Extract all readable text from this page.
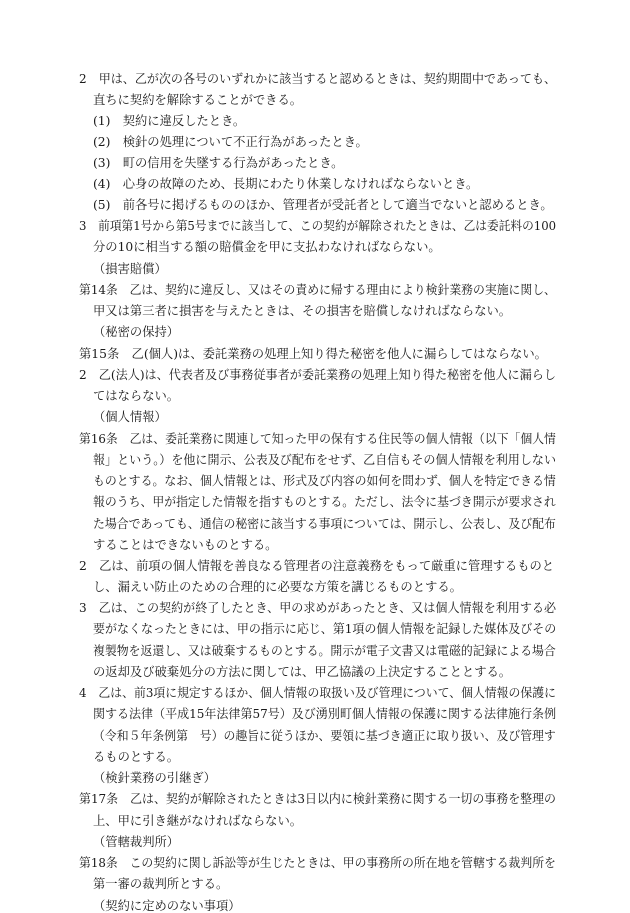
2　甲は、乙が次の各号のいずれかに該当すると認めるときは、契約期間中であっても、
直ちに契約を解除することができる。
(1)　契約に違反したとき。
(2)　検針の処理について不正行為があったとき。
(3)　町の信用を失墜する行為があったとき。
(4)　心身の故障のため、長期にわたり休業しなければならないとき。
(5)　前各号に掲げるもののほか、管理者が受託者として適当でないと認めるとき。
3　前項第1号から第5号までに該当して、この契約が解除されたときは、乙は委託料の100
分の10に相当する額の賠償金を甲に支払わなければならない。
（損害賠償）
第14条　乙は、契約に違反し、又はその責めに帰する理由により検針業務の実施に関し、
甲又は第三者に損害を与えたときは、その損害を賠償しなければならない。
（秘密の保持）
第15条　乙(個人)は、委託業務の処理上知り得た秘密を他人に漏らしてはならない。
2　乙(法人)は、代表者及び事務従事者が委託業務の処理上知り得た秘密を他人に漏らし
てはならない。
（個人情報）
第16条　乙は、委託業務に関連して知った甲の保有する住民等の個人情報（以下「個人情
報」という。）を他に開示、公表及び配布をせず、乙自信もその個人情報を利用しない
ものとする。なお、個人情報とは、形式及び内容の如何を問わず、個人を特定できる情
報のうち、甲が指定した情報を指すものとする。ただし、法令に基づき開示が要求され
た場合であっても、通信の秘密に該当する事項については、開示し、公表し、及び配布
することはできないものとする。
2　乙は、前項の個人情報を善良なる管理者の注意義務をもって厳重に管理するものと
し、漏えい防止のための合理的に必要な方策を講じるものとする。
3　乙は、この契約が終了したとき、甲の求めがあったとき、又は個人情報を利用する必
要がなくなったときには、甲の指示に応じ、第1項の個人情報を記録した媒体及びその
複製物を返還し、又は破棄するものとする。開示が電子文書又は電磁的記録による場合
の返却及び破棄処分の方法に関しては、甲乙協議の上決定することとする。
4　乙は、前3項に規定するほか、個人情報の取扱い及び管理について、個人情報の保護に
関する法律（平成15年法律第57号）及び湧別町個人情報の保護に関する法律施行条例
（令和５年条例第　号）の趣旨に従うほか、要領に基づき適正に取り扱い、及び管理す
るものとする。
（検針業務の引継ぎ）
第17条　乙は、契約が解除されたときは3日以内に検針業務に関する一切の事務を整理の
上、甲に引き継がなければならない。
（管轄裁判所）
第18条　この契約に関し訴訟等が生じたときは、甲の事務所の所在地を管轄する裁判所を
第一審の裁判所とする。
（契約に定めのない事項）
